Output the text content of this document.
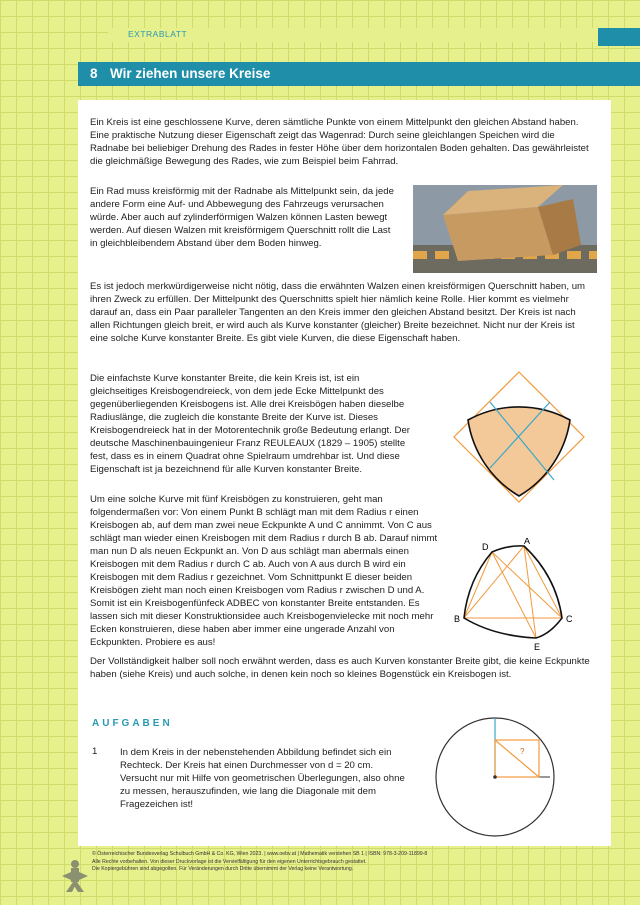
EXTRABLATT
8 Wir ziehen unsere Kreise

Ein Kreis ist eine geschlossene Kurve, deren sämtliche Punkte von einem Mittelpunkt den gleichen Abstand haben. Eine praktische Nutzung dieser Eigenschaft zeigt das Wagenrad: Durch seine gleichlangen Speichen wird die Radnabe bei beliebiger Drehung des Rades in fester Höhe über dem horizontalen Boden gehalten. Das gewährleistet die gleichmäßige Bewegung des Rades, wie zum Beispiel beim Fahrrad.

Ein Rad muss kreisförmig mit der Radnabe als Mittelpunkt sein, da jede andere Form eine Auf- und Abbewegung des Fahrzeugs verursachen würde. Aber auch auf zylinderförmigen Walzen können Lasten bewegt werden. Auf diesen Walzen mit kreisförmigem Querschnitt rollt die Last in gleichbleibendem Abstand über dem Boden hinweg.

Es ist jedoch merkwürdigerweise nicht nötig, dass die erwähnten Walzen einen kreisförmigen Querschnitt haben, um ihren Zweck zu erfüllen. Der Mittelpunkt des Querschnitts spielt hier nämlich keine Rolle. Hier kommt es vielmehr darauf an, dass ein Paar paralleler Tangenten an den Kreis immer den gleichen Abstand besitzt. Der Kreis ist nach allen Richtungen gleich breit, er wird auch als Kurve konstanter (gleicher) Breite bezeichnet. Nicht nur der Kreis ist eine solche Kurve konstanter Breite. Es gibt viele Kurven, die diese Eigenschaft haben.

Die einfachste Kurve konstanter Breite, die kein Kreis ist, ist ein gleichseitiges Kreisbogendreieck, von dem jede Ecke Mittelpunkt des gegenüberliegenden Kreisbogens ist. Alle drei Kreisbögen haben dieselbe Radiuslänge, die zugleich die konstante Breite der Kurve ist. Dieses Kreisbogendreieck hat in der Motorentechnik große Bedeutung erlangt. Der deutsche Maschinenbauingenieur Franz REULEAUX (1829 – 1905) stellte fest, dass es in einem Quadrat ohne Spielraum umdrehbar ist. Und diese Eigenschaft ist ja bezeichnend für alle Kurven konstanter Breite.

Um eine solche Kurve mit fünf Kreisbögen zu konstruieren, geht man folgendermaßen vor: Von einem Punkt B schlägt man mit dem Radius r einen Kreisbogen ab, auf dem man zwei neue Eckpunkte A und C annimmt. Von C aus schlägt man wieder einen Kreisbogen mit dem Radius r durch B ab. Darauf nimmt man nun D als neuen Eckpunkt an. Von D aus schlägt man abermals einen Kreisbogen mit dem Radius r durch C ab. Auch von A aus durch B wird ein Kreisbogen mit dem Radius r gezeichnet. Vom Schnittpunkt E dieser beiden Kreisbögen zieht man noch einen Kreisbogen vom Radius r zwischen D und A. Somit ist ein Kreisbogenfünfeck ADBEC von konstanter Breite entstanden. Es lassen sich mit dieser Konstruktionsidee auch Kreisbogenvielecke mit noch mehr Ecken konstruieren, diese haben aber immer eine ungerade Anzahl von Eckpunkten. Probiere es aus!

D
A
B	C
E

Der Vollständigkeit halber soll noch erwähnt werden, dass es auch Kurven konstanter Breite gibt, die keine Eckpunkte haben (siehe Kreis) und auch solche, in denen kein noch so kleines Bogenstück ein Kreisbogen ist.

AUFGABEN
1 In dem Kreis in der nebenstehenden Abbildung befindet sich ein Rechteck. Der Kreis hat einen Durchmesser von d = 20 cm. Versucht nur mit Hilfe von geometrischen Überlegungen, also ohne zu messen, herauszufinden, wie lang die Diagonale mit dem Fragezeichen ist!

?
© Österreichischer Bundesverlag Schulbuch GmbH & Co. KG, Wien 2023. | www.oebv.at | Mathematik verstehen SB 1 | ISBN: 978-3-209-11899-8
Alle Rechte vorbehalten. Von dieser Druckvorlage ist die Vervielfältigung für den eigenen Unterrichtsgebrauch gestattet.
Die Kopiergebühren sind abgegolten. Für Veränderungen durch Dritte übernimmt der Verlag keine Verantwortung.
